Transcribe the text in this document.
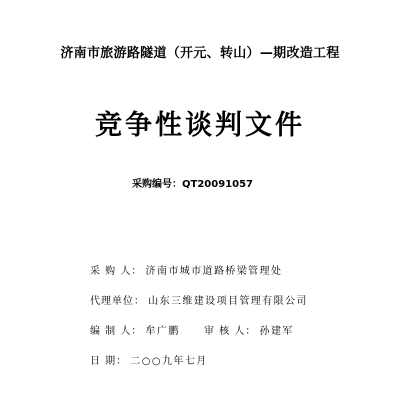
济南市旅游路隧道（开元、转山）—期改造工程
竞争性谈判文件
采购编号：QT20091057
采 购 人： 济南市城市道路桥梁管理处
代理单位： 山东三维建设项目管理有限公司
编 制 人： 牟广鹏 审 核 人： 孙建军
日 期： 二○○九年七月
